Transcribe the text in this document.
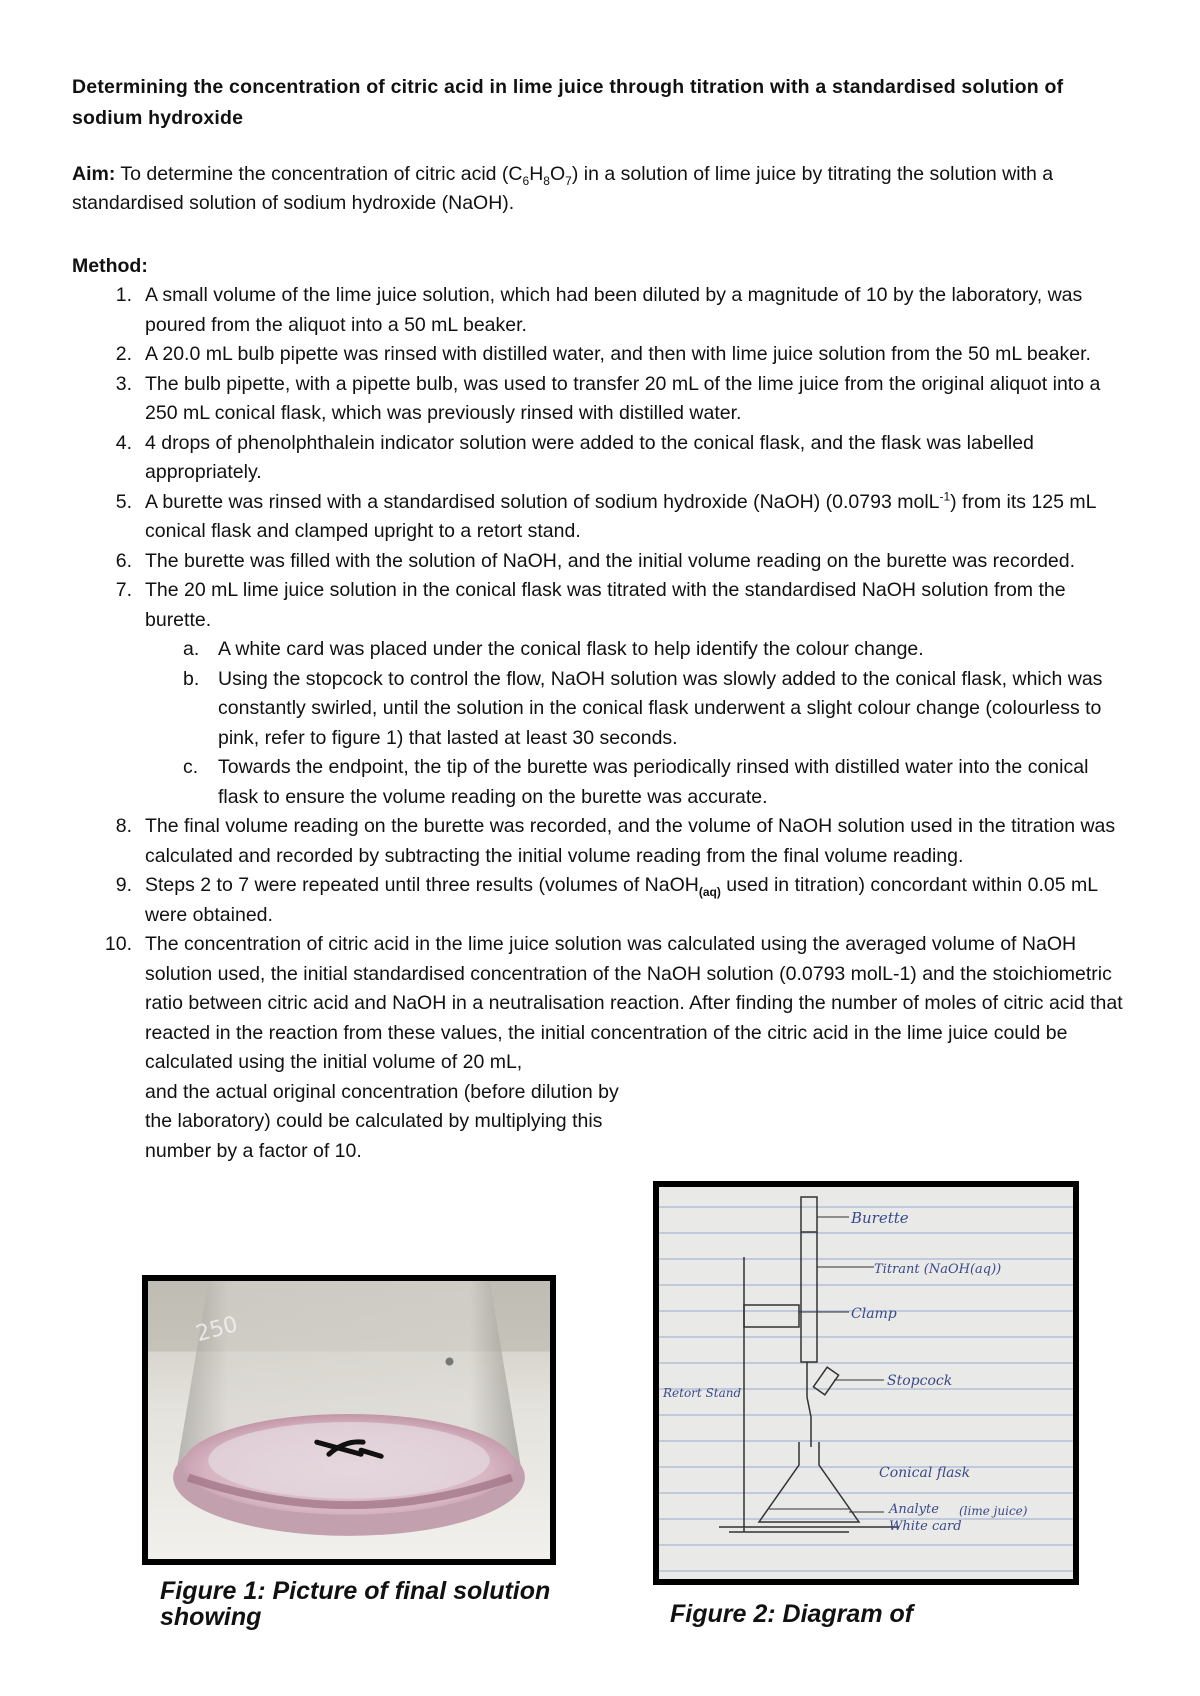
Determining the concentration of citric acid in lime juice through titration with a standardised solution of sodium hydroxide
Aim: To determine the concentration of citric acid $(C_6H_8O_7)$ in a solution of lime juice by titrating the solution with a standardised solution of sodium hydroxide (NaOH).
Method:
1. A small volume of the lime juice solution, which had been diluted by a magnitude of 10 by the laboratory, was poured from the aliquot into a 50 mL beaker.
2. A 20.0 mL bulb pipette was rinsed with distilled water, and then with lime juice solution from the 50 mL beaker.
3. The bulb pipette, with a pipette bulb, was used to transfer 20 mL of the lime juice from the original aliquot into a 250 mL conical flask, which was previously rinsed with distilled water.
4. 4 drops of phenolphthalein indicator solution were added to the conical flask, and the flask was labelled appropriately.
5. A burette was rinsed with a standardised solution of sodium hydroxide (NaOH) (0.0793 molL$^{-1}$) from its 125 mL conical flask and clamped upright to a retort stand.
6. The burette was filled with the solution of NaOH, and the initial volume reading on the burette was recorded.
7. The 20 mL lime juice solution in the conical flask was titrated with the standardised NaOH solution from the burette.
a. A white card was placed under the conical flask to help identify the colour change.
b. Using the stopcock to control the flow, NaOH solution was slowly added to the conical flask, which was constantly swirled, until the solution in the conical flask underwent a slight colour change (colourless to pink, refer to figure 1) that lasted at least 30 seconds.
c. Towards the endpoint, the tip of the burette was periodically rinsed with distilled water into the conical flask to ensure the volume reading on the burette was accurate.
8. The final volume reading on the burette was recorded, and the volume of NaOH solution used in the titration was calculated and recorded by subtracting the initial volume reading from the final volume reading.
9. Steps 2 to 7 were repeated until three results (volumes of NaOH$_{(aq)}$ used in titration) concordant within 0.05 mL were obtained.
10. The concentration of citric acid in the lime juice solution was calculated using the averaged volume of NaOH solution used, the initial standardised concentration of the NaOH solution (0.0793 molL-1) and the stoichiometric ratio between citric acid and NaOH in a neutralisation reaction. After finding the number of moles of citric acid that reacted in the reaction from these values, the initial concentration of the citric acid in the lime juice could be calculated using the initial volume of 20 mL,
and the actual original concentration (before dilution by the laboratory) could be calculated by multiplying this number by a factor of 10.
250
Figure 1: Picture of final solution showing
Burette
Titrant (NaOH(aq))
Clamp
Stopcock
Retort Stand
Conical flask
Analyte (lime juice)
White card
Figure 2: Diagram of
